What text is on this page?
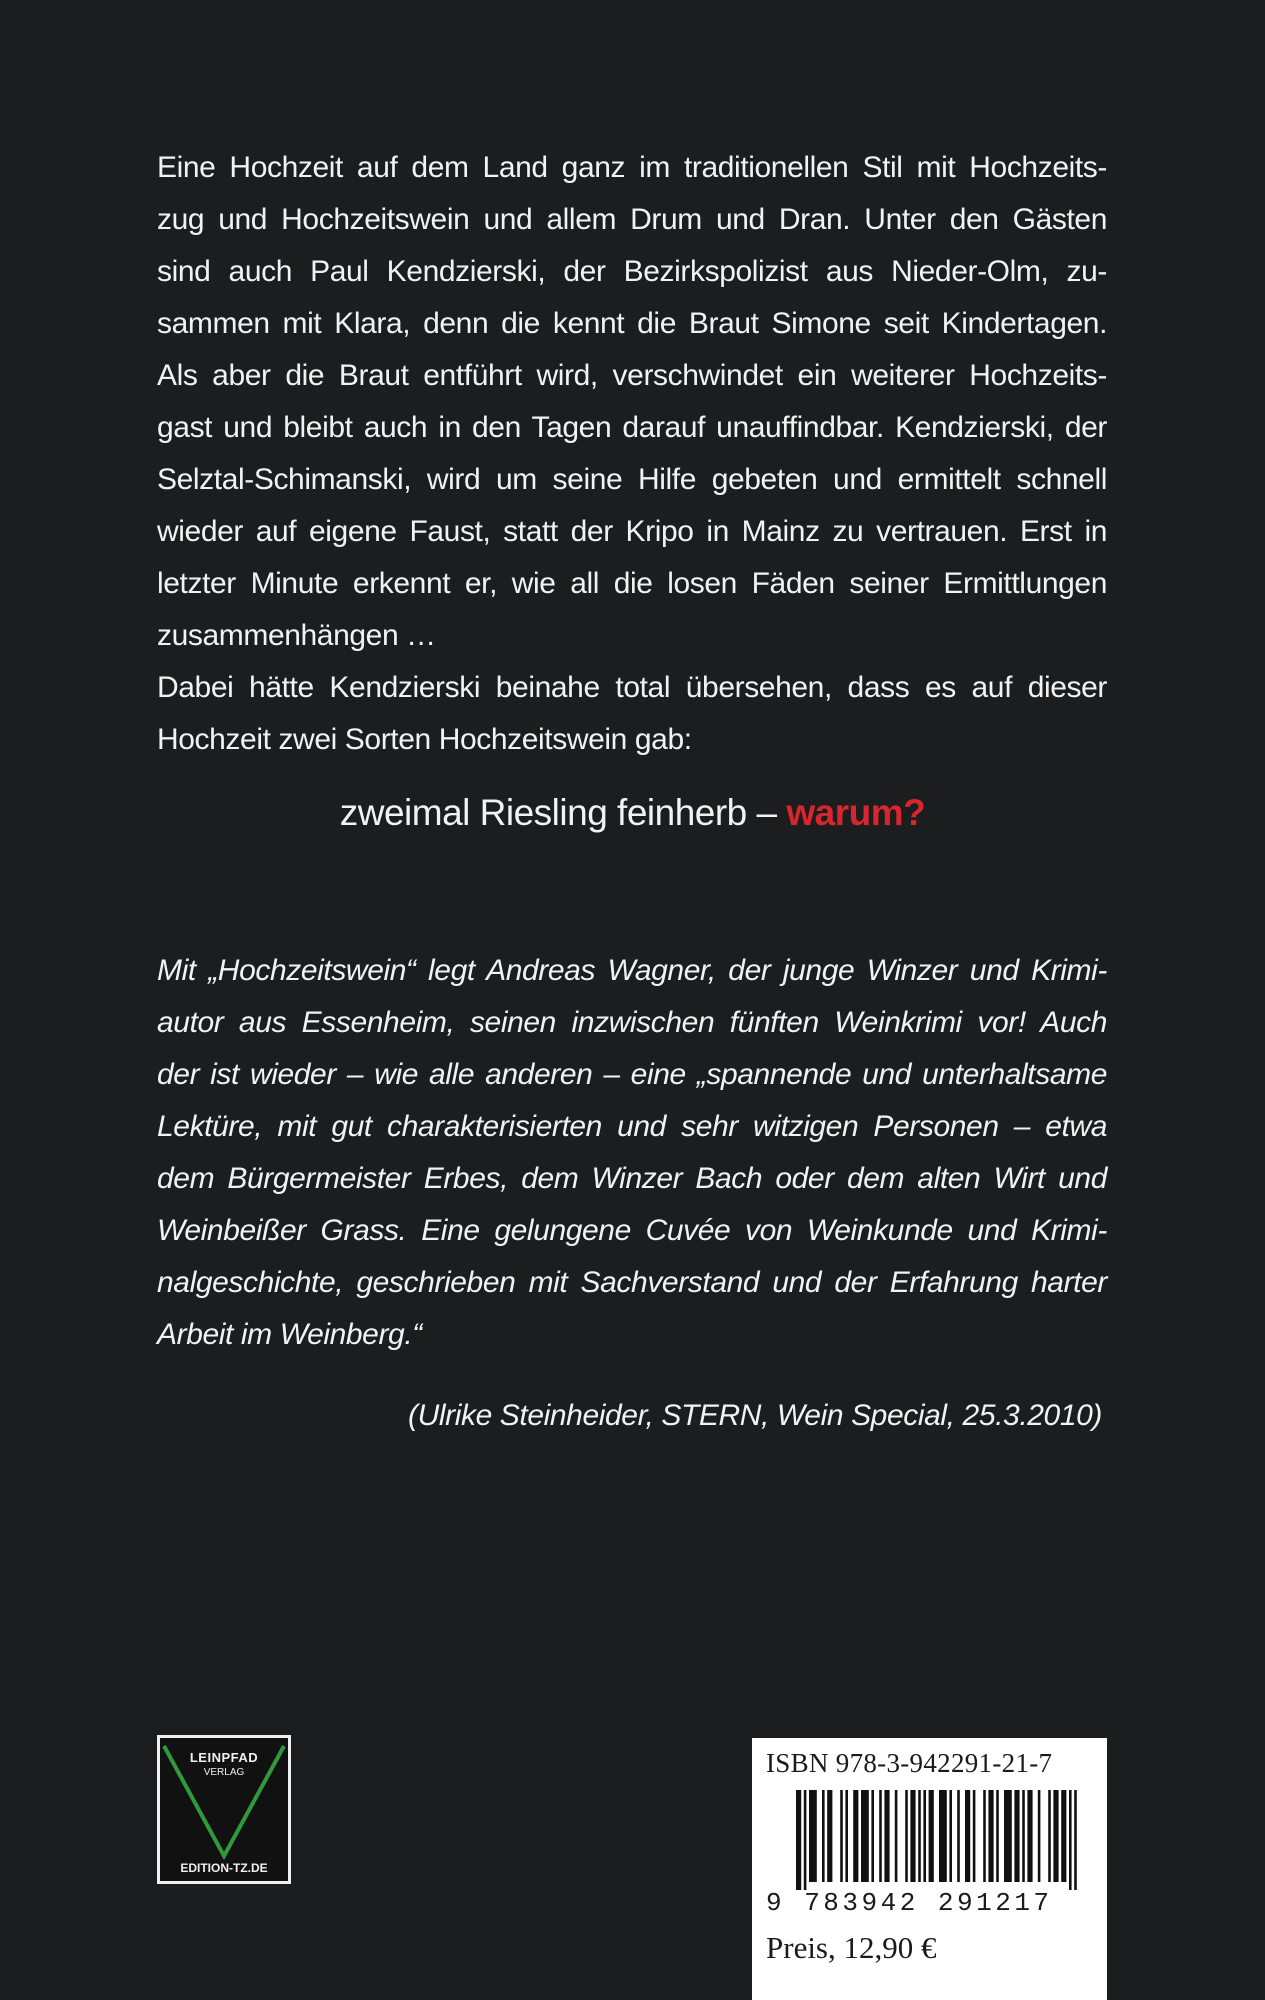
Eine Hochzeit auf dem Land ganz im traditionellen Stil mit Hochzeits-
zug und Hochzeitswein und allem Drum und Dran. Unter den Gästen
sind auch Paul Kendzierski, der Bezirkspolizist aus Nieder-Olm, zu-
sammen mit Klara, denn die kennt die Braut Simone seit Kindertagen.
Als aber die Braut entführt wird, verschwindet ein weiterer Hochzeits-
gast und bleibt auch in den Tagen darauf unauffindbar. Kendzierski, der
Selztal-Schimanski, wird um seine Hilfe gebeten und ermittelt schnell
wieder auf eigene Faust, statt der Kripo in Mainz zu vertrauen. Erst in
letzter Minute erkennt er, wie all die losen Fäden seiner Ermittlungen
zusammenhängen …
Dabei hätte Kendzierski beinahe total übersehen, dass es auf dieser
Hochzeit zwei Sorten Hochzeitswein gab:
zweimal Riesling feinherb – warum?
Mit „Hochzeitswein“ legt Andreas Wagner, der junge Winzer und Krimi-
autor aus Essenheim, seinen inzwischen fünften Weinkrimi vor! Auch
der ist wieder – wie alle anderen – eine „spannende und unterhaltsame
Lektüre, mit gut charakterisierten und sehr witzigen Personen – etwa
dem Bürgermeister Erbes, dem Winzer Bach oder dem alten Wirt und
Weinbeißer Grass. Eine gelungene Cuvée von Weinkunde und Krimi-
nalgeschichte, geschrieben mit Sachverstand und der Erfahrung harter
Arbeit im Weinberg.“
(Ulrike Steinheider, STERN, Wein Special, 25.3.2010)
LEINPFAD
VERLAG
EDITION-TZ.DE
ISBN 978-3-942291-21-7
9 783942 291217
Preis, 12,90 €
